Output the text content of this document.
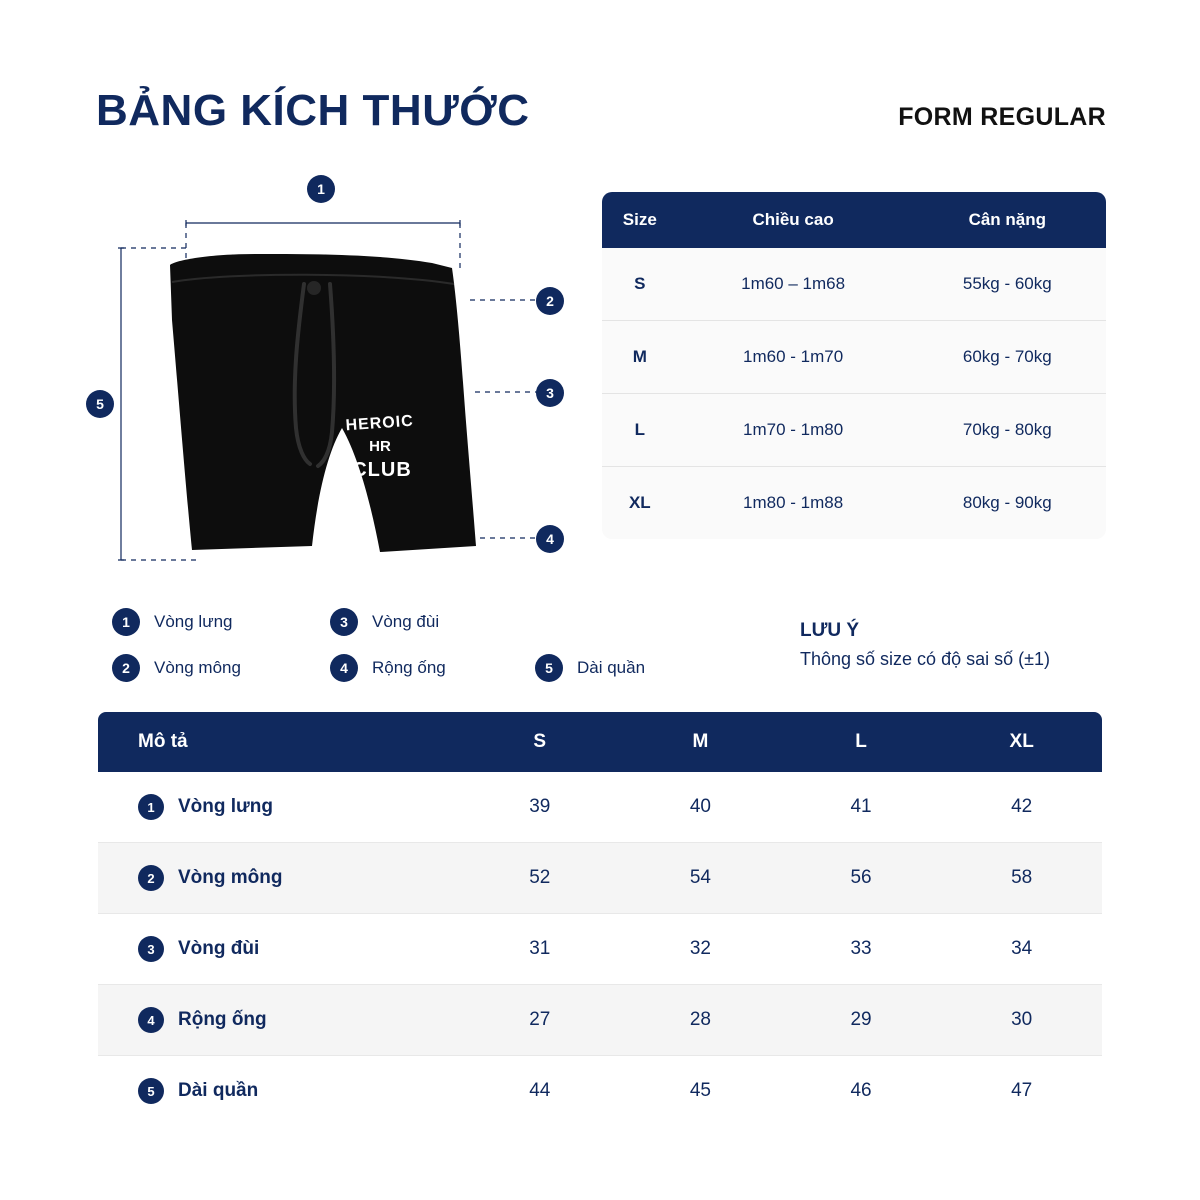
BẢNG KÍCH THƯỚC	FORM REGULAR
HEROIC
HR
CLUB
1
2
3
4
5
1	Vòng lưng	3	Vòng đùi
2	Vòng mông	4	Rộng ống	5	Dài quần
LƯU Ý
Thông số size có độ sai số (±1)
Size	Chiều cao	Cân nặng
S	1m60 – 1m68	55kg - 60kg
M	1m60 - 1m70	60kg - 70kg
L	1m70 - 1m80	70kg - 80kg
XL	1m80 - 1m88	80kg - 90kg
Mô tả	S	M	L	XL

1 Vòng lưng	39	40	41	42

2 Vòng mông	52	54	56	58

3 Vòng đùi	31	32	33	34

4 Rộng ống	27	28	29	30

5 Dài quần	44	45	46	47
